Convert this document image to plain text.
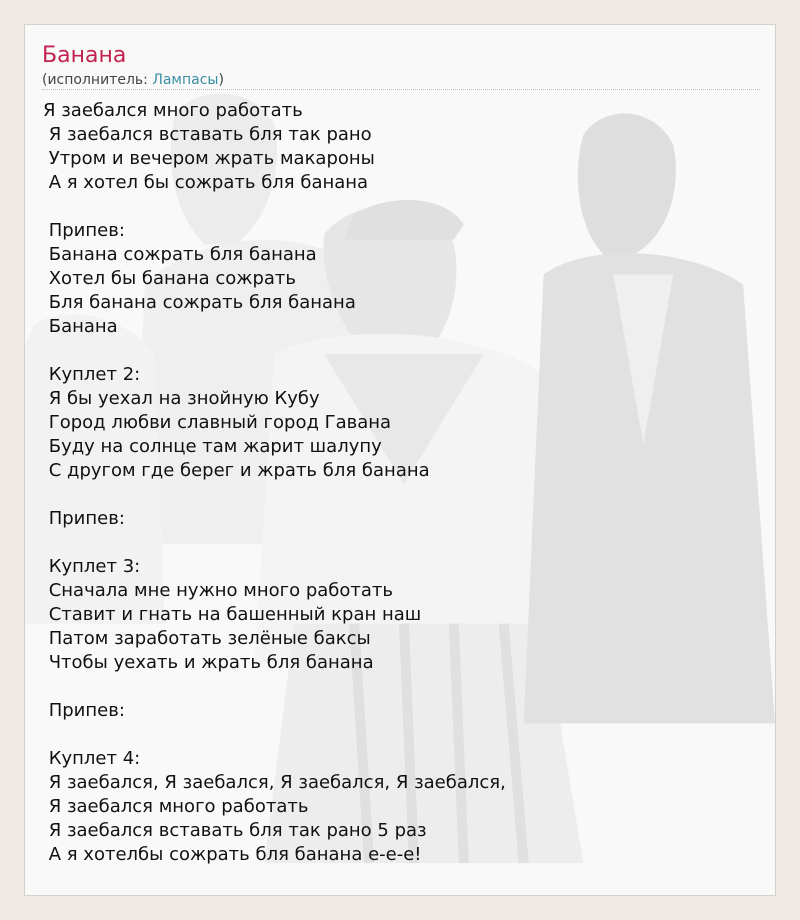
Банана
(исполнитель: Лампасы)
Я заебался много работать
Я заебался вставать бля так рано
Утром и вечером жрать макароны
А я хотел бы сожрать бля банана
Припев:
Банана сожрать бля банана
Хотел бы банана сожрать
Бля банана сожрать бля банана
Банана
Куплет 2:
Я бы уехал на знойную Кубу
Город любви славный город Гавана
Буду на солнце там жарит шалупу
С другом где берег и жрать бля банана
Припев:
Куплет 3:
Сначала мне нужно много работать
Ставит и гнать на башенный кран наш
Патом заработать зелёные баксы
Чтобы уехать и жрать бля банана
Припев:
Куплет 4:
Я заебался, Я заебался, Я заебался, Я заебался,
Я заебался много работать
Я заебался вставать бля так рано 5 раз
А я хотелбы сожрать бля банана е-е-е!
